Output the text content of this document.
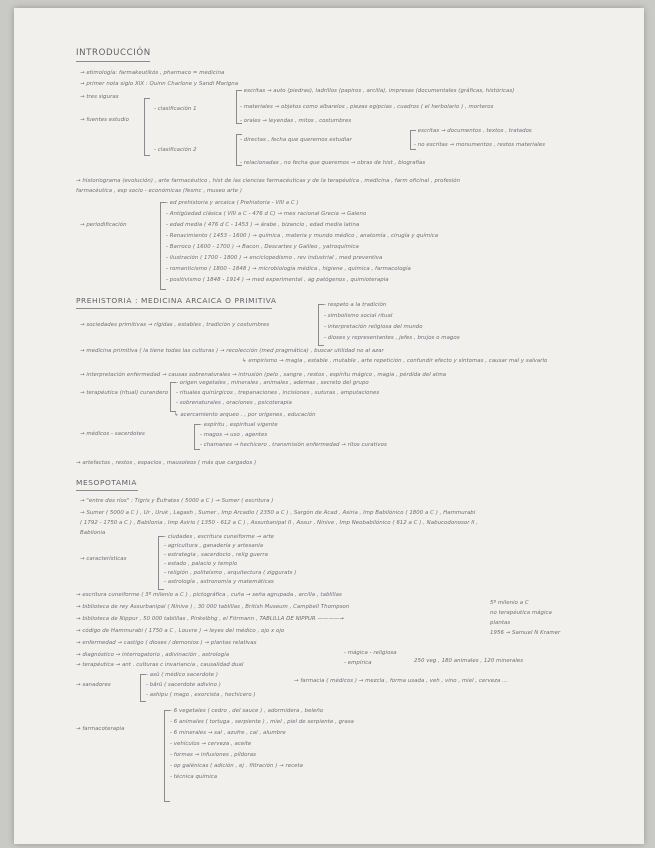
INTRODUCCIÓN
→ etimología: farmakeutikós , pharmaco = medicina
→ primer nota siglo XIX : Quinn Charlone y Sandi Marigna
→ tres siguras
- escritas → auto (piedras), ladrillos (papiros , arcilla), impresas (documentales (gráficas, históricas)
- clasificación 1	- materiales → objetos como albarelos , piezas egipcias , cuadros ( el herbolario ) , morteros
→ fuentes estudio	- orales → leyendas , mitos , costumbres
- escritas → documentos , textos , tratados
- directas , fecha que queremos estudiar
- clasificación 2
- no escritas → monumentos , restos materiales
- relacionadas , no fecha que queremos → obras de hist , biografías
→ historiograma (evolución) , arte farmacéutico , hist de las ciencias farmacéuticas y de la terapéutica , medicina , farm oficinal , profesión
farmacéutica , esp socio - económicas (fesmc , museo arte )
- ed prehistoria y arcaica ( Prehistoria - VIII a C )
- Antigüedad clásica ( VIII a C - 476 d C) → mex racional Grecia → Galeno
→ periodificación	- edad media ( 476 d C - 1453 ) → árabe , bizancio , edad media latina
- Renacimiento ( 1453 - 1600 ) → química , materia y mundo médico , anatomía , cirugía y química
- Barroco ( 1600 - 1700 ) → Bacon , Descartes y Galileo , yatroquímica
- ilustración ( 1700 - 1800 ) → enciclopedismo , rev industrial , med preventiva
- romanticismo ( 1800 - 1848 ) → microbiología médica , higiene , química , farmacología
- positivismo ( 1848 - 1914 ) → med experimental , ag patógenos , quimioterapia
PREHISTORIA : MEDICINA ARCAICA O PRIMITIVA	- respeto a la tradición
- simbolismo social ritual
→ sociedades primitivas → rígidas , estables , tradición y costumbres	- interpretación religiosa del mundo
- dioses y representantes , jefes , brujos o magos
→ medicina primitiva ( la tiene todas las culturas ) → recolección (med pragmática) , buscar utilidad no al azar
↳ empirismo → magia , estable , mutable , arte repetición , confundir efecto y síntomas , causar mal y salvarlo
→ interpretación enfermedad → causas sobrenaturales → intrusión (pelo , sangre , restos , espíritu mágico , magia , pérdida del alma
- origen vegetales , minerales , animales , ademas , secreto del grupo
→ terapéutica (ritual) curandero - rituales quirúrgicos , trepanaciones , incisiones , suturas , amputaciones
- sobrenaturales , oraciones , psicoterapia
↳ acercamiento arqueo . , por orígenes , educación
- espíritu , espiritual vigente
→ médicos - sacerdotes	- magos → uso , agentes
- chamanes → hechicero , transmisión enfermedad → ritos curativos
→ artefactos , restos , espacios , mausoleos ( más que cargados )
MESOPOTAMIA
→ "entre dos ríos" : Tigris y Éufrates ( 5000 a C ) → Sumer ( escritura )
→ Sumer ( 5000 a C ) , Ur , Uruk , Lagash , Sumer , Imp Arcadio ( 2350 a C ) , Sargón de Acad , Asiria , Imp Babilónico ( 1800 a C ) , Hammurabi
( 1792 - 1750 a C ) , Babilonia , Imp Asirio ( 1350 - 612 a C ) , Assurbanipal II , Assur , Nínive , Imp Neobabilónico ( 612 a C ) , Nabucodonosor II ,
Babilonia
- ciudades , escritura cuneiforme → arte
- agricultura , ganadería y artesanía
- estrategia , sacerdocio , relig guerra
→ características
- estado , palacio y templo
- religión , politeísmo , arquitectura ( ziggurats )
- astrología , astronomía y matemáticas
→ escritura cuneiforme ( 3º milenio a C ) , pictográfica , cuña → seña agrupada , arcilla , tablillas
5º milenio a C
→ biblioteca de rey Assurbanipal ( Nínive ) , 30 000 tablillas , British Museum , Campbell Thompson
no terapéutica mágica
→ biblioteca de Nippur , 50 000 tablillas , Pinkelbhg , el Fitrmann , TABLILLA DE NIPPUR ————→
plantas
→ código de Hammurabi ( 1750 a C , Louvre ) → leyes del médico , ojo x ojo	1956 → Samuel N Kramer
→ enfermedad → castigo ( dioses / demonios ) → plantas relativas
→ diagnóstico → interrogatorio , adivinación , astrología	- mágica - religiosa
→ terapéutica → ant . culturas c invariancia , causalidad dual	- empírica	250 veg , 180 animales , 120 minerales
- asû ( médico sacerdote )
→ sanadores	- bârû ( sacerdote adivino )
→ farmacia ( médicos ) → mezcla , forma usada , veh , vino , miel , cerveza ...
- ashipu ( mago , exorcista , hechicero )
- 6 vegetales ( cedro , del sauce ) , adormidera , beleño
- 6 animales ( tortuga , serpiente ) , miel , piel de serpiente , grasa
→ farmacoterapia
- 6 minerales → sal , azufre , cal , alumbre
- vehículos → cerveza , aceite
- formas → infusiones , píldoras
- op galénicas ( adición , ej . filtración ) → receta
- técnica química
